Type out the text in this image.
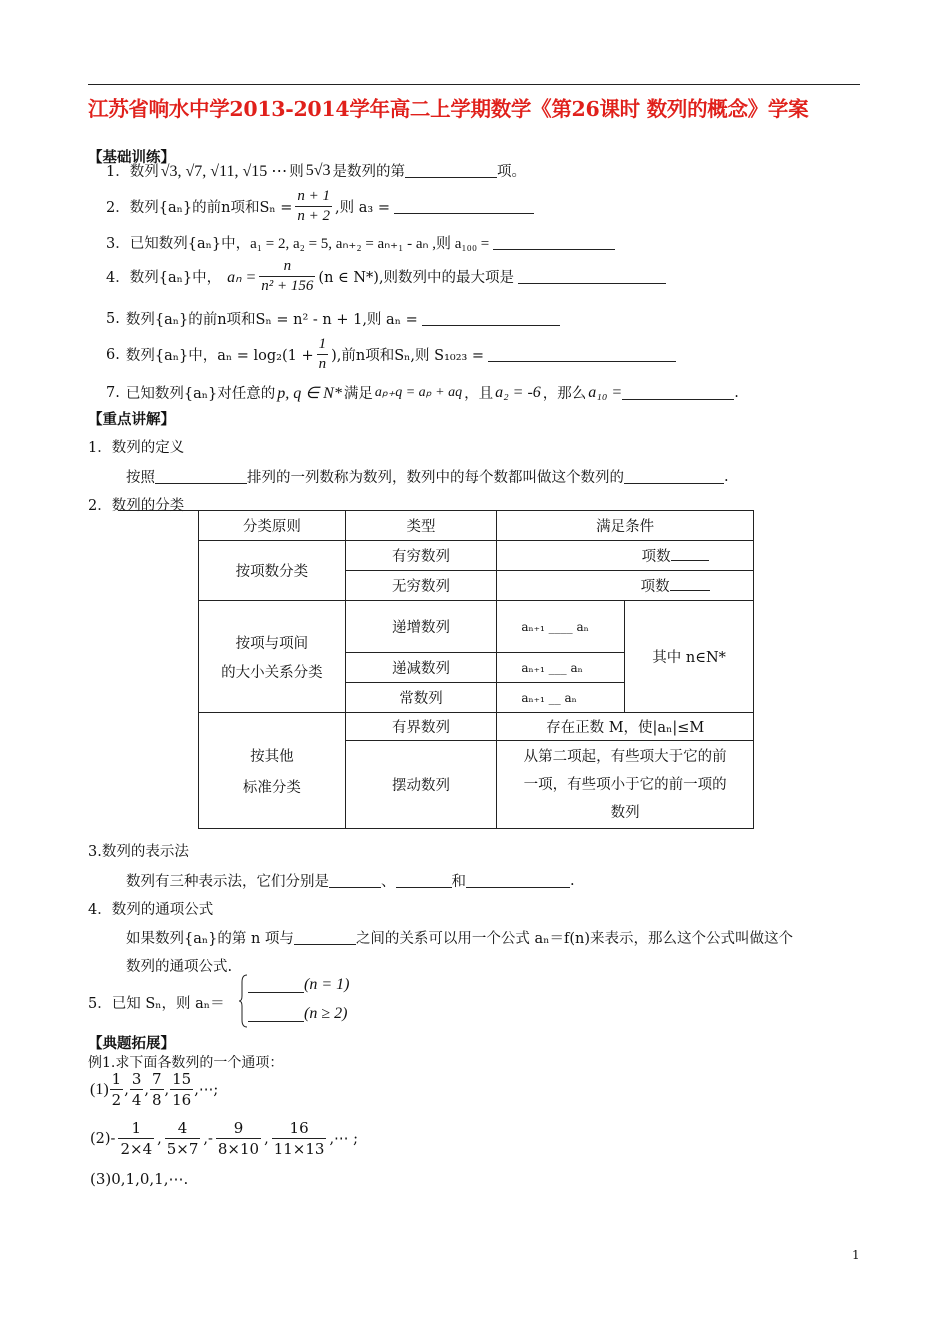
江苏省响水中学2013-2014学年高二上学期数学《第26课时 数列的概念》学案
【基础训练】
1． 数列 √3, √7, √11, √15 ⋯ 则 5√3 是数列的第	项。
2． 数列{aₙ}的前n项和$S_n = \frac{n + 1}{n + 2}$ ,则 a₃ =
3． 已知数列{aₙ}中， a₁ = 2, a₂ = 5, aₙ₊₂ = aₙ₊₁ - aₙ ,则 a₁₀₀ =
4． 数列{aₙ}中， $a_n = \frac{n}{\text{n² + 156}} (n$ ∈ N*),则数列中的最大项是
5. 数列{aₙ}的前n项和Sₙ = n² - n + 1,则 aₙ =
6. 数列{aₙ}中，$a_n = \log_2(1 + \frac{1}{n}$ ),前n项和Sₙ,则 S₁₀₂₃ =
7. 已知数列{aₙ}对任意的 p, q ∈ N* 满足 aₚ₊q = aₚ + aq ，且 a₂ = -6 ，那么 a₁₀ =	.
【重点讲解】
1．数列的定义
按照	排列的一列数称为数列，数列中的每个数都叫做这个数列的	.
2．数列的分类
分类原则	类型	满足条件	
按项数分类	有穷数列	项数	
	无穷数列	项数	

按项与项间
的大小关系分类	递增数列	aₙ₊₁ ____ aₙ	其中 n∈N*
	递减数列	aₙ₊₁ ___ aₙ	
	常数列	aₙ₊₁ __ aₙ	

按其他
标准分类	有界数列	存在正数 M，使|aₙ|≤M	
	摆动数列	从第二项起，有些项大于它的前
一项，有些项小于它的前一项的
数列	
3.数列的表示法
数列有三种表示法，它们分别是	、	和	.
4．数列的通项公式
如果数列{aₙ}的第 n 项与	之间的关系可以用一个公式 aₙ＝f(n)来表示，那么这个公式叫做这个
数列的通项公式.
5．已知 Sₙ，则 aₙ＝
(n = 1)
(n ≥ 2)
【典题拓展】
例1.求下面各数列的一个通项：
$(1) \frac{1}{2}$ , $\frac{3}{4}$ , $\frac{7}{8}$ , $\frac{15}{16}$ ,⋯;
$(2) - \frac{1}{2\times 4}$ , $\frac{4}{5\times 7}$ ,- $\frac{9}{8\times 10}$ , $\frac{16}{11\times 13}$ ,⋯ ;
(3)0,1,0,1,⋯.
1
